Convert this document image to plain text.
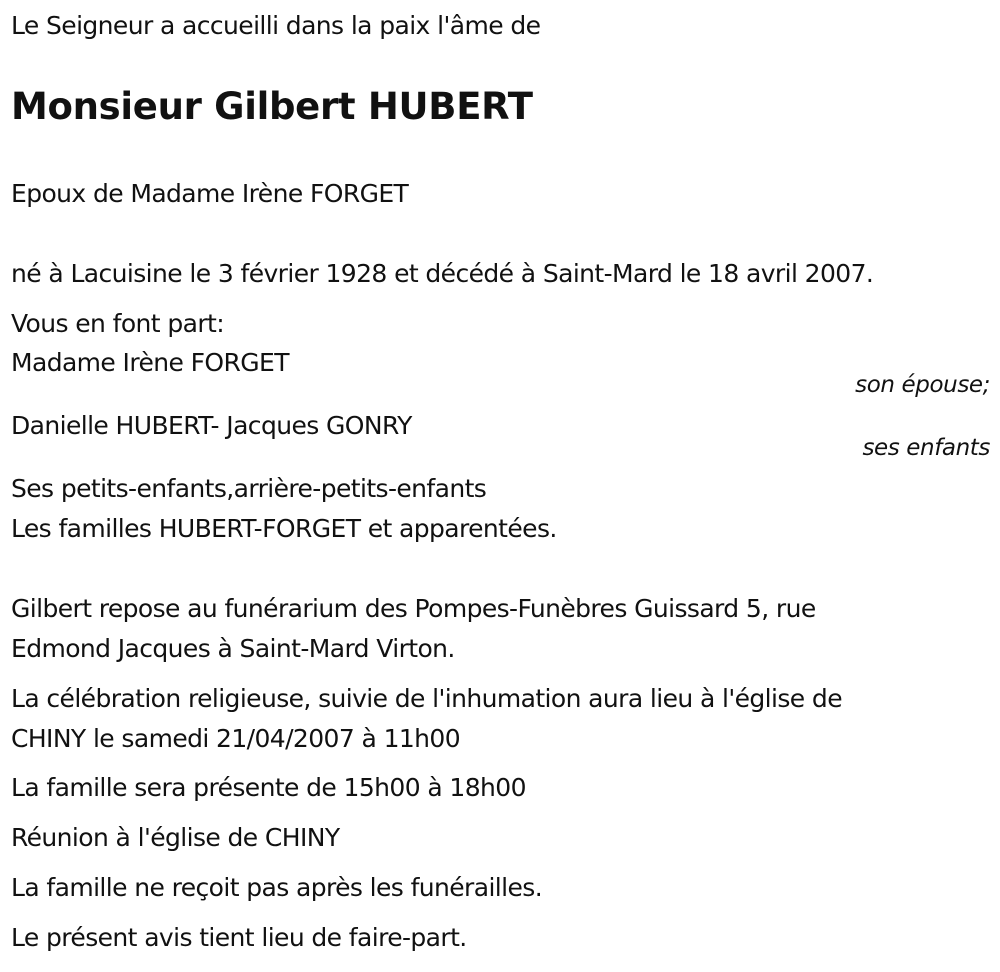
Le Seigneur a accueilli dans la paix l'âme de
Monsieur Gilbert HUBERT
Epoux de Madame Irène FORGET
né à Lacuisine le 3 février 1928 et décédé à Saint-Mard le 18 avril 2007.
Vous en font part:
Madame Irène FORGET
son épouse;
Danielle HUBERT- Jacques GONRY
ses enfants
Ses petits-enfants,arrière-petits-enfants
Les familles HUBERT-FORGET et apparentées.
Gilbert repose au funérarium des Pompes-Funèbres Guissard 5, rue
Edmond Jacques à Saint-Mard Virton.
La célébration religieuse, suivie de l'inhumation aura lieu à l'église de
CHINY le samedi 21/04/2007 à 11h00
La famille sera présente de 15h00 à 18h00
Réunion à l'église de CHINY
La famille ne reçoit pas après les funérailles.
Le présent avis tient lieu de faire-part.
